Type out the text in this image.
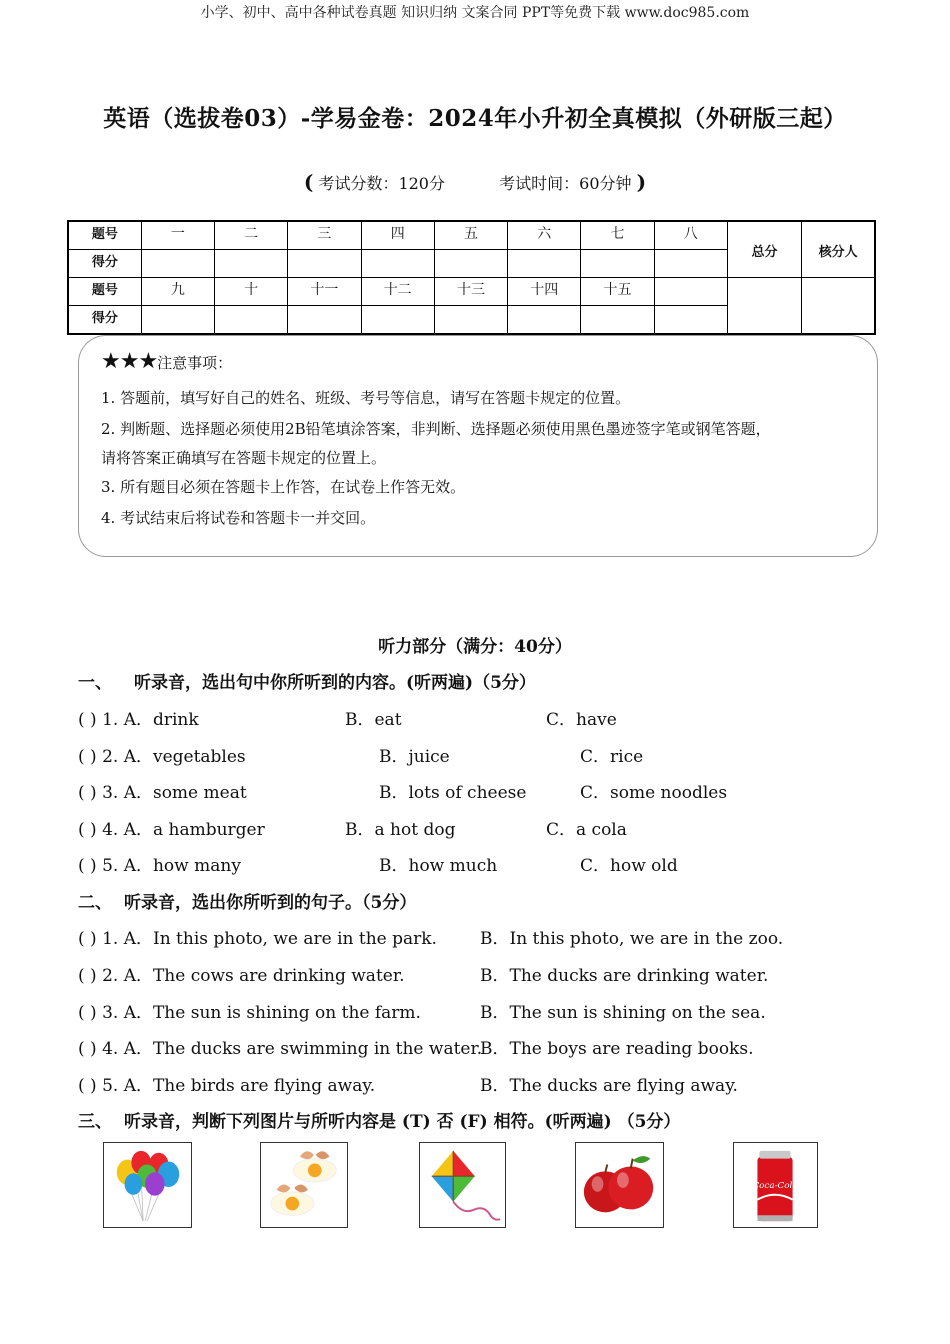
小学、初中、高中各种试卷真题 知识归纳 文案合同 PPT等免费下载 www.doc985.com
英语（选拔卷03）-学易金卷：2024年小升初全真模拟（外研版三起）
( 考试分数：120分	考试时间：60分钟 )
题号	一	二	三	四	五	六	七	八	总分	核分人
得分										
题号	九	十	十一	十二	十三	十四	十五			
得分										
★★★注意事项：
1. 答题前，填写好自己的姓名、班级、考号等信息，请写在答题卡规定的位置。
2. 判断题、选择题必须使用2B铅笔填涂答案，非判断、选择题必须使用黑色墨迹签字笔或钢笔答题，
请将答案正确填写在答题卡规定的位置上。
3. 所有题目必须在答题卡上作答，在试卷上作答无效。
4. 考试结束后将试卷和答题卡一并交回。
听力部分（满分：40分）
一、 听录音，选出句中你所听到的内容。(听两遍)（5分）
( ) 1. A．drink	B．eat	C．have
( ) 2. A．vegetables	B．juice	C．rice
( ) 3. A．some meat	B．lots of cheese	C．some noodles
( ) 4. A．a hamburger	B．a hot dog	C．a cola
( ) 5. A．how many	B．how much	C．how old
二、 听录音，选出你所听到的句子。（5分）
( ) 1. A．In this photo, we are in the park.	B．In this photo, we are in the zoo.
( ) 2. A．The cows are drinking water.	B．The ducks are drinking water.
( ) 3. A．The sun is shining on the farm.	B．The sun is shining on the sea.
( ) 4. A．The ducks are swimming in the water.
B．The boys are reading books.
( ) 5. A．The birds are flying away.	B．The ducks are flying away.
三、 听录音，判断下列图片与所听内容是 (T) 否 (F) 相符。(听两遍) （5分）
Coca-Cola
